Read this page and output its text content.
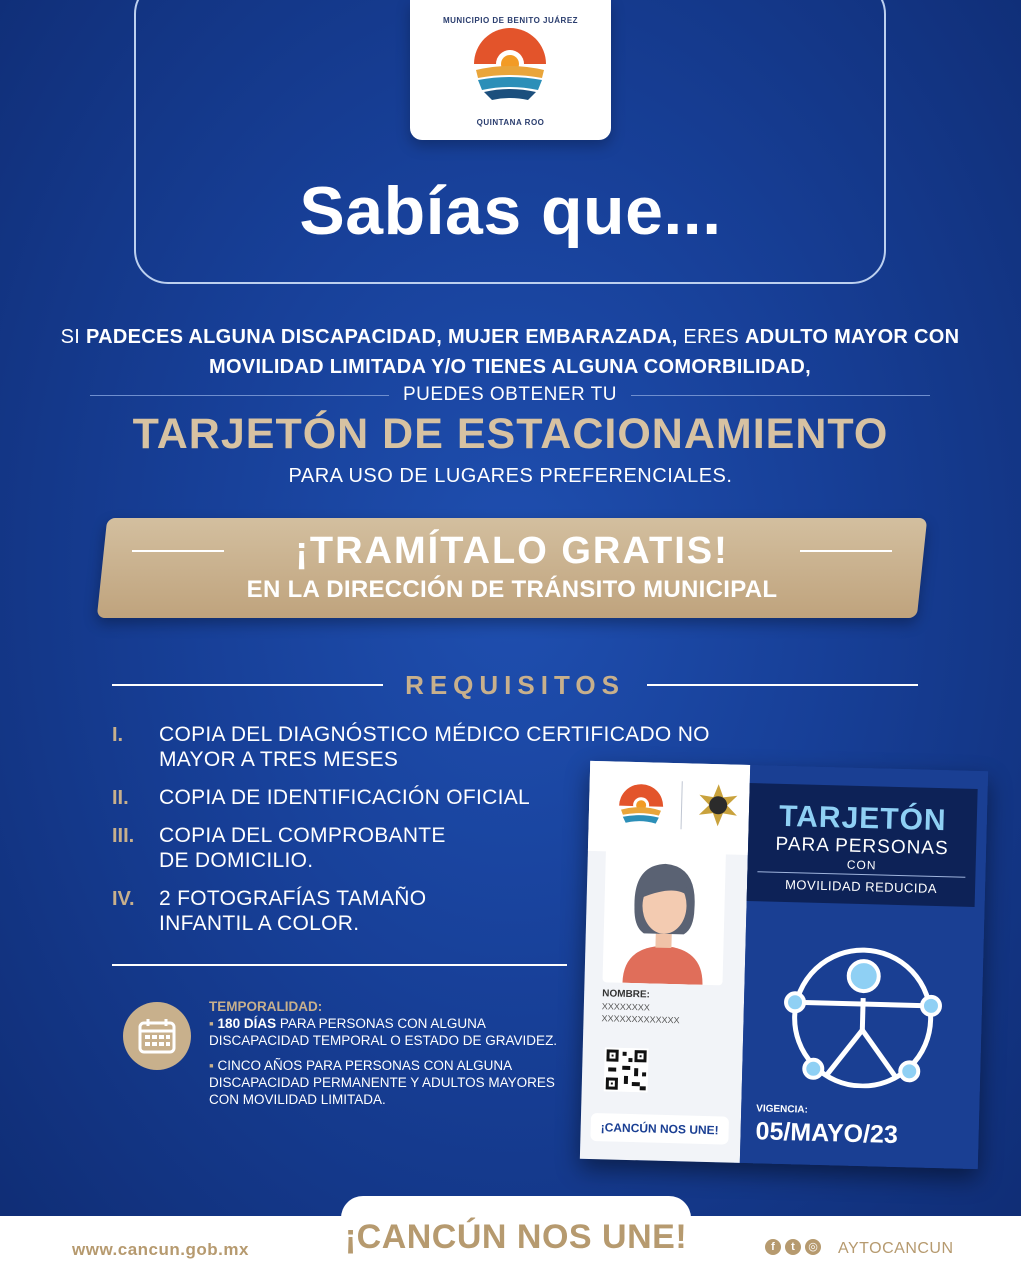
MUNICIPIO DE BENITO JUÁREZ
QUINTANA ROO
Sabías que...
SI PADECES ALGUNA DISCAPACIDAD, MUJER EMBARAZADA, ERES ADULTO MAYOR CON MOVILIDAD LIMITADA Y/O TIENES ALGUNA COMORBILIDAD,
PUEDES OBTENER TU
TARJETÓN DE ESTACIONAMIENTO
PARA USO DE LUGARES PREFERENCIALES.
¡TRAMÍTALO GRATIS!
EN LA DIRECCIÓN DE TRÁNSITO MUNICIPAL
REQUISITOS
I.	COPIA DEL DIAGNÓSTICO MÉDICO CERTIFICADO NO MAYOR A TRES MESES
II.	COPIA DE IDENTIFICACIÓN OFICIAL
III.	COPIA DEL COMPROBANTE DE DOMICILIO.
IV.	2 FOTOGRAFÍAS TAMAÑO INFANTIL A COLOR.
TEMPORALIDAD:
▪ 180 DÍAS PARA PERSONAS CON ALGUNA DISCAPACIDAD TEMPORAL O ESTADO DE GRAVIDEZ.
▪ CINCO AÑOS PARA PERSONAS CON ALGUNA DISCAPACIDAD PERMANENTE Y ADULTOS MAYORES CON MOVILIDAD LIMITADA.
NOMBRE:
XXXXXXXX
XXXXXXXXXXXXX
¡CANCÚN NOS UNE!
TARJETÓN
PARA PERSONAS
CON
MOVILIDAD REDUCIDA
VIGENCIA:
05/MAYO/23
¡CANCÚN NOS UNE!
www.cancun.gob.mx	f	t	◎ AYTOCANCUN
